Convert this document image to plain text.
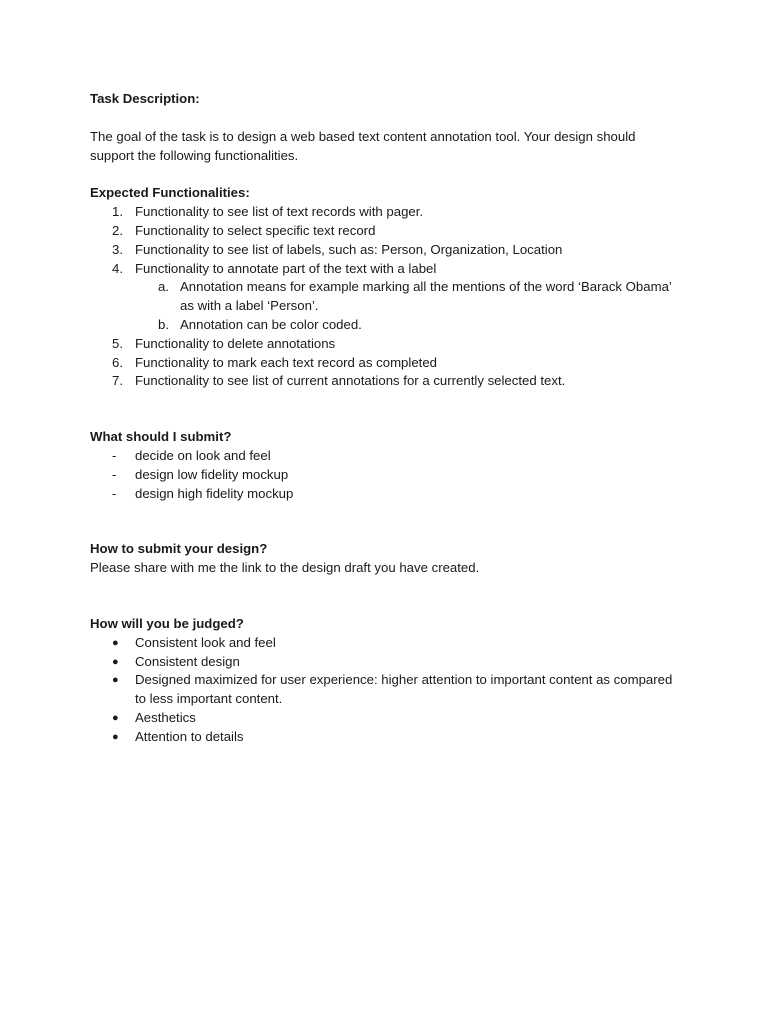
Task Description:

The goal of the task is to design a web based text content annotation tool. Your design should support the following functionalities.

Expected Functionalities:

1. Functionality to see list of text records with pager.
2. Functionality to select specific text record
3. Functionality to see list of labels, such as: Person, Organization, Location
4. Functionality to annotate part of the text with a label
a. Annotation means for example marking all the mentions of the word ‘Barack Obama’ as with a label ‘Person’.
b. Annotation can be color coded.
5. Functionality to delete annotations
6. Functionality to mark each text record as completed
7. Functionality to see list of current annotations for a currently selected text.

What should I submit?

- decide on look and feel
- design low fidelity mockup
- design high fidelity mockup

How to submit your design?

Please share with me the link to the design draft you have created.

How will you be judged?

● Consistent look and feel
● Consistent design
● Designed maximized for user experience: higher attention to important content as compared to less important content.
● Aesthetics
● Attention to details
